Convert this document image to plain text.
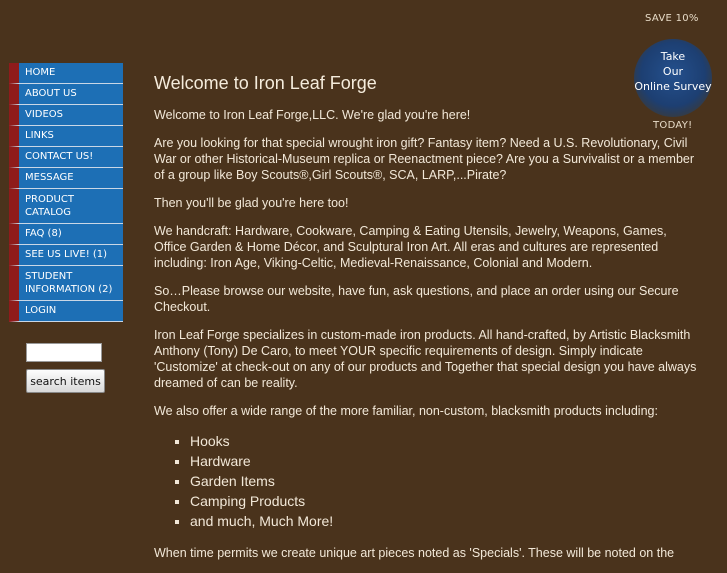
HOME
ABOUT US
VIDEOS
LINKS
CONTACT US!
MESSAGE
PRODUCT CATALOG
FAQ (8)
SEE US LIVE! (1)
STUDENT INFORMATION (2)
LOGIN
search items
SAVE 10%
Take
Our
Online Survey
TODAY!
Welcome to Iron Leaf Forge

Welcome to Iron Leaf Forge,LLC. We're glad you're here!

Are you looking for that special wrought iron gift? Fantasy item? Need a U.S. Revolutionary, Civil War or other Historical-Museum replica or Reenactment piece? Are you a Survivalist or a member of a group like Boy Scouts®,Girl Scouts®, SCA, LARP,...Pirate?

Then you'll be glad you're here too!

We handcraft: Hardware, Cookware, Camping & Eating Utensils, Jewelry, Weapons, Games, Office Garden & Home Décor, and Sculptural Iron Art. All eras and cultures are represented including: Iron Age, Viking-Celtic, Medieval-Renaissance, Colonial and Modern.

So…Please browse our website, have fun, ask questions, and place an order using our Secure Checkout.

Iron Leaf Forge specializes in custom-made iron products. All hand-crafted, by Artistic Blacksmith Anthony (Tony) De Caro, to meet YOUR specific requirements of design. Simply indicate 'Customize' at check-out on any of our products and Together that special design you have always dreamed of can be reality.

We also offer a wide range of the more familiar, non-custom, blacksmith products including:

▪ Hooks
▪ Hardware
▪ Garden Items
▪ Camping Products
▪ and much, Much More!

When time permits we create unique art pieces noted as 'Specials'. These will be noted on the
